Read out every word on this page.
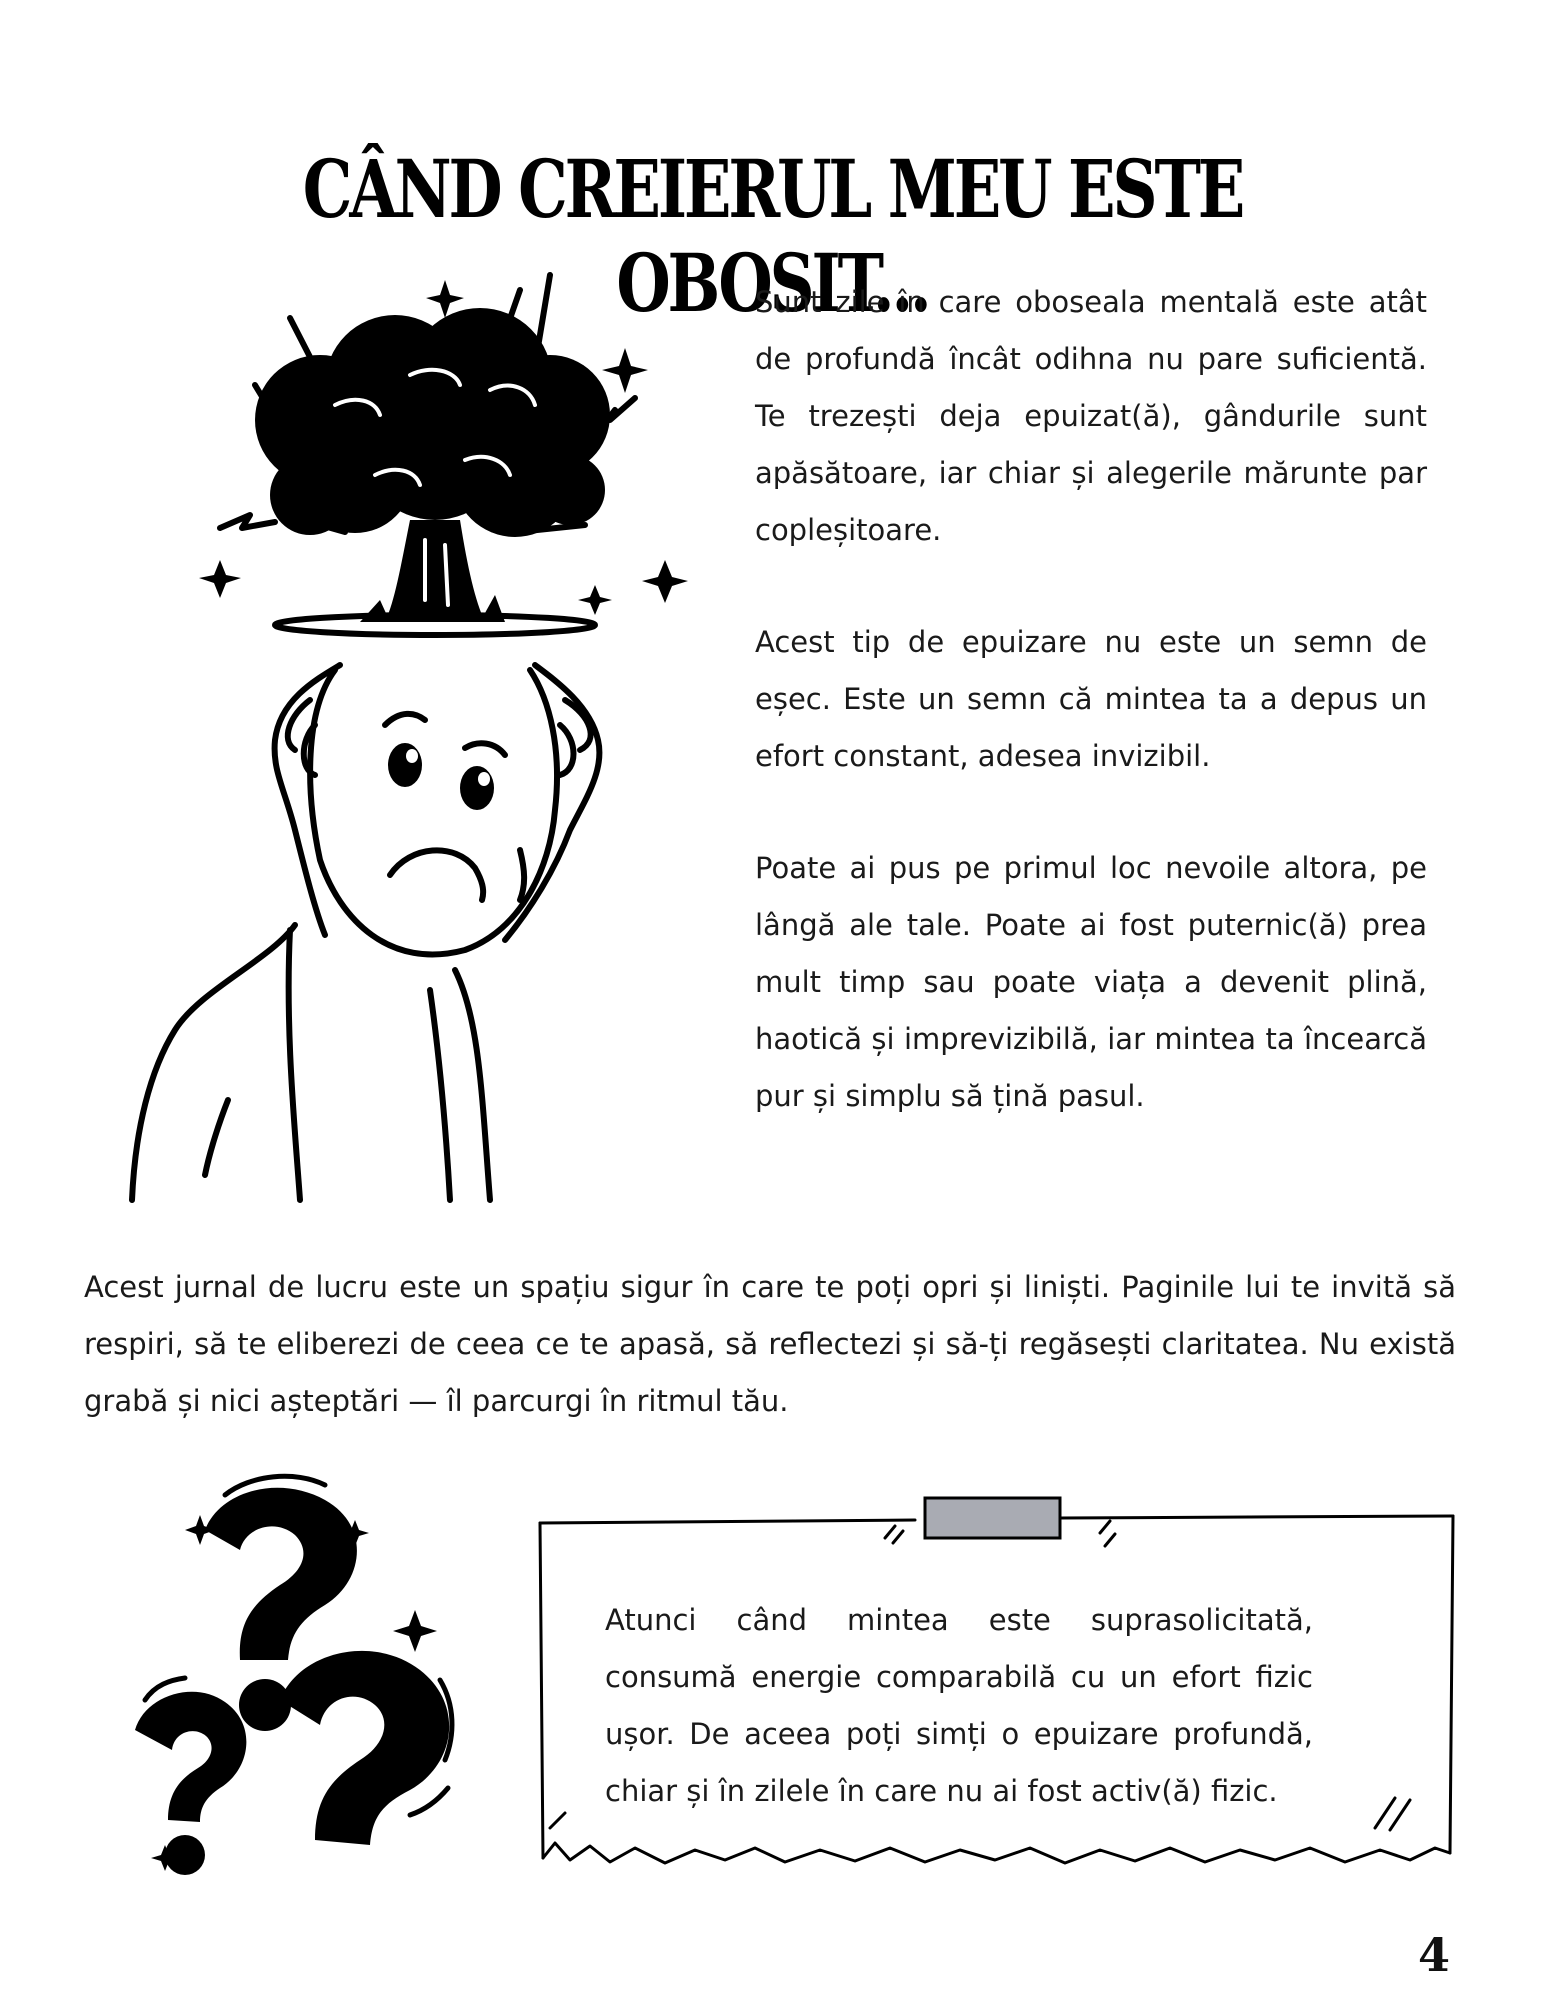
CÂND CREIERUL MEU ESTE OBOSIT...

Sunt zile în care oboseala mentală este atât de profundă încât odihna nu pare suficientă. Te trezești deja epuizat(ă), gândurile sunt apăsătoare, iar chiar și alegerile mărunte par copleșitoare.

Acest tip de epuizare nu este un semn de eșec. Este un semn că mintea ta a depus un efort constant, adesea invizibil.

Poate ai pus pe primul loc nevoile altora, pe lângă ale tale. Poate ai fost puternic(ă) prea mult timp sau poate viața a devenit plină, haotică și imprevizibilă, iar mintea ta încearcă pur și simplu să țină pasul.

Acest jurnal de lucru este un spațiu sigur în care te poți opri și liniști. Paginile lui te invită să respiri, să te eliberezi de ceea ce te apasă, să reflectezi și să-ți regăsești claritatea. Nu există grabă și nici așteptări — îl parcurgi în ritmul tău.

Atunci când mintea este suprasolicitată, consumă energie comparabilă cu un efort fizic ușor. De aceea poți simți o epuizare profundă, chiar și în zilele în care nu ai fost activ(ă) fizic.

4
